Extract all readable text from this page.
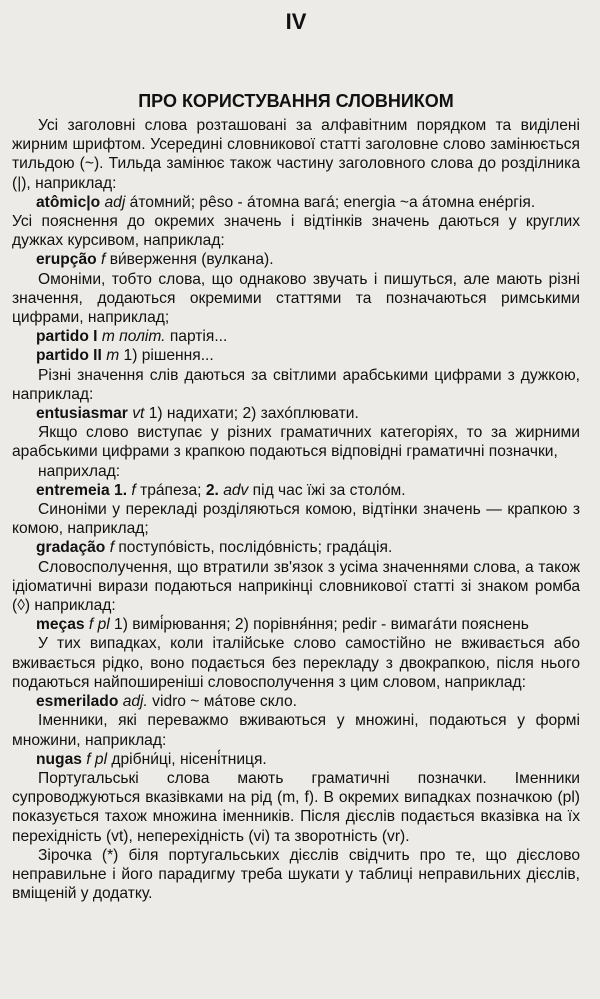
IV

ПРО КОРИСТУВАННЯ СЛОВНИКОМ

Усі заголовні слова розташовані за алфавітним порядком та виділені жирним шрифтом. Усередині словникової статті заголовне слово замінюється тильдою (~). Тильда замінює також частину заголовного слова до розділника (|), наприклад:

atômic|o adj áтомний; pêso - áтомна вагá; energia ~a áтомна енéргія.

Усі пояснення до окремих значень і відтінків значень даються у круглих дужках курсивом, наприклад:

erupção f ви́верження (вулкана).

Омоніми, тобто слова, що однаково звучать і пишуться, але мають різні значення, додаються окремими статтями та позначаються римськими цифрами, наприклад;

partido I m політ. партія...

partido II m 1) рішення...

Різні значення слів даються за світлими арабськими цифрами з дужкою, наприклад:

entusiasmar vt 1) надихати; 2) захóплювати.

Якщо слово виступає у різних граматичних категоріях, то за жирними арабськими цифрами з крапкою подаються відповідні граматичні позначки,

наприхлад:

entremeia 1. f трáпеза; 2. adv під час їжі за столóм.

Синоніми у перекладі розділяються комою, відтінки значень — крапкою з комою, наприклад;

gradação f поступóвість, послідóвність; градáція.

Словосполучення, що втратили зв'язок з усіма значеннями слова, а також ідіоматичні вирази подаються наприкінці словникової статті зі знаком ромба (◊) наприклад:

meças f pl 1) вимі́рювання; 2) порівня́ння; pedir - вимагáти пояснень

У тих випадках, коли італійське слово самостійно не вживається або вживається рідко, воно подається без перекладу з двокрапкою, після нього подаються найпоширеніші словосполучення з цим словом, наприклад:

esmerilado adj. vidro ~ мáтове скло.

Іменники, які переважмо вживаються у множині, подаються у формі множини, наприклад:

nugas f pl дрібни́ці, нісені́тниця.

Португальські слова мають граматичні позначки. Іменники супроводжуються вказівками на рід (m, f). В окремих випадках позначкою (pl) показується тахож множина іменників. Після дієслів подається вказівка на їх перехідність (vt), неперехідність (vi) та зворотність (vr).

Зірочка (*) біля португальських дієслів свідчить про те, що дієслово неправильне і його парадигму треба шукати у таблиці неправильних дієслів, вміщеній у додатку.
